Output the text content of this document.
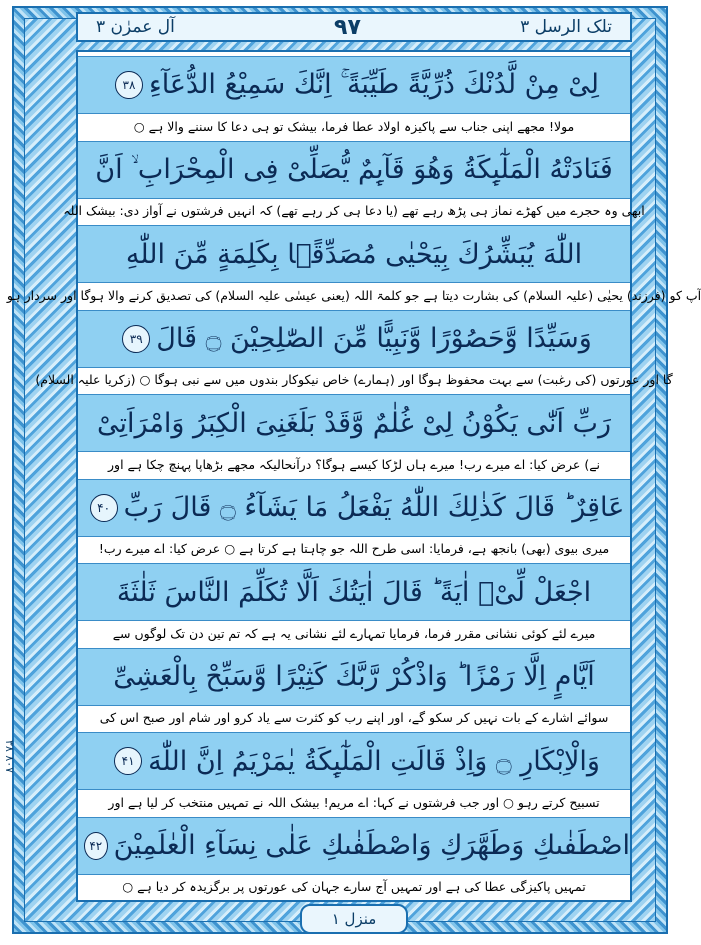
تلک الرسل ۳
۹۷
آل عمرٰن ۳
لِیْ مِنْ لَّدُنْكَ ذُرِّیَّةً طَیِّبَةً ۚ اِنَّكَ سَمِیْعُ الدُّعَآءِ
۳۸
مولا! مجھے اپنی جناب سے پاکیزہ اولاد عطا فرما، بیشک تو ہی دعا کا سننے والا ہے ○
فَنَادَتْهُ الْمَلٰٓىِٕكَةُ وَهُوَ قَآىِٕمٌ یُّصَلِّیْ فِی الْمِحْرَابِ ۙ اَنَّ
ابھی وہ حجرے میں کھڑے نماز ہی پڑھ رہے تھے (یا دعا ہی کر رہے تھے) کہ انہیں فرشتوں نے آواز دی: بیشک اللہ
اللّٰهَ یُبَشِّرُكَ بِیَحْیٰى مُصَدِّقًۢا بِكَلِمَةٍ مِّنَ اللّٰهِ
آپ کو (فرزند) یحیٰی (علیہ السلام) کی بشارت دیتا ہے جو کلمۃ اللہ (یعنی عیسٰی علیہ السلام) کی تصدیق کرنے والا ہوگا اور سردار ہو
وَسَیِّدًا وَّحَصُوْرًا وَّنَبِیًّا مِّنَ الصّٰلِحِیْنَ ۝ قَالَ
۳۹
گا اور عورتوں (کی رغبت) سے بہت محفوظ ہوگا اور (ہمارے) خاص نیکوکار بندوں میں سے نبی ہوگا ○ (زکریا علیہ السلام)
رَبِّ اَنّٰى یَكُوْنُ لِیْ غُلٰمٌ وَّقَدْ بَلَغَنِیَ الْكِبَرُ وَامْرَاَتِیْ
نے) عرض کیا: اے میرے رب! میرے ہاں لڑکا کیسے ہوگا؟ درآنحالیکہ مجھے بڑھاپا پہنچ چکا ہے اور
عَاقِرٌ ؕ قَالَ كَذٰلِكَ اللّٰهُ یَفْعَلُ مَا یَشَآءُ ۝ قَالَ رَبِّ
۴۰
میری بیوی (بھی) بانجھ ہے، فرمایا: اسی طرح اللہ جو چاہتا ہے کرتا ہے ○ عرض کیا: اے میرے رب!
اجْعَلْ لِّیْۤ اٰیَةً ؕ قَالَ اٰیَتُكَ اَلَّا تُكَلِّمَ النَّاسَ ثَلٰثَةَ
میرے لئے کوئی نشانی مقرر فرما، فرمایا تمہارے لئے نشانی یہ ہے کہ تم تین دن تک لوگوں سے
اَیَّامٍ اِلَّا رَمْزًا ؕ وَاذْكُرْ رَّبَّكَ كَثِیْرًا وَّسَبِّحْ بِالْعَشِیِّ
سوائے اشارے کے بات نہیں کر سکو گے، اور اپنے رب کو کثرت سے یاد کرو اور شام اور صبح اس کی
وَالْاِبْكَارِ ۝ وَاِذْ قَالَتِ الْمَلٰٓىِٕكَةُ یٰمَرْیَمُ اِنَّ اللّٰهَ
۴۱
تسبیح کرتے رہو ○ اور جب فرشتوں نے کہا: اے مریم! بیشک اللہ نے تمہیں منتخب کر لیا ہے اور
اصْطَفٰىكِ وَطَهَّرَكِ وَاصْطَفٰىكِ عَلٰى نِسَآءِ الْعٰلَمِیْنَ
۴۲
تمہیں پاکیزگی عطا کی ہے اور تمہیں آج سارے جہان کی عورتوں پر برگزیدہ کر دیا ہے ○
منزل ۱
۳۸ ۸۰۷
